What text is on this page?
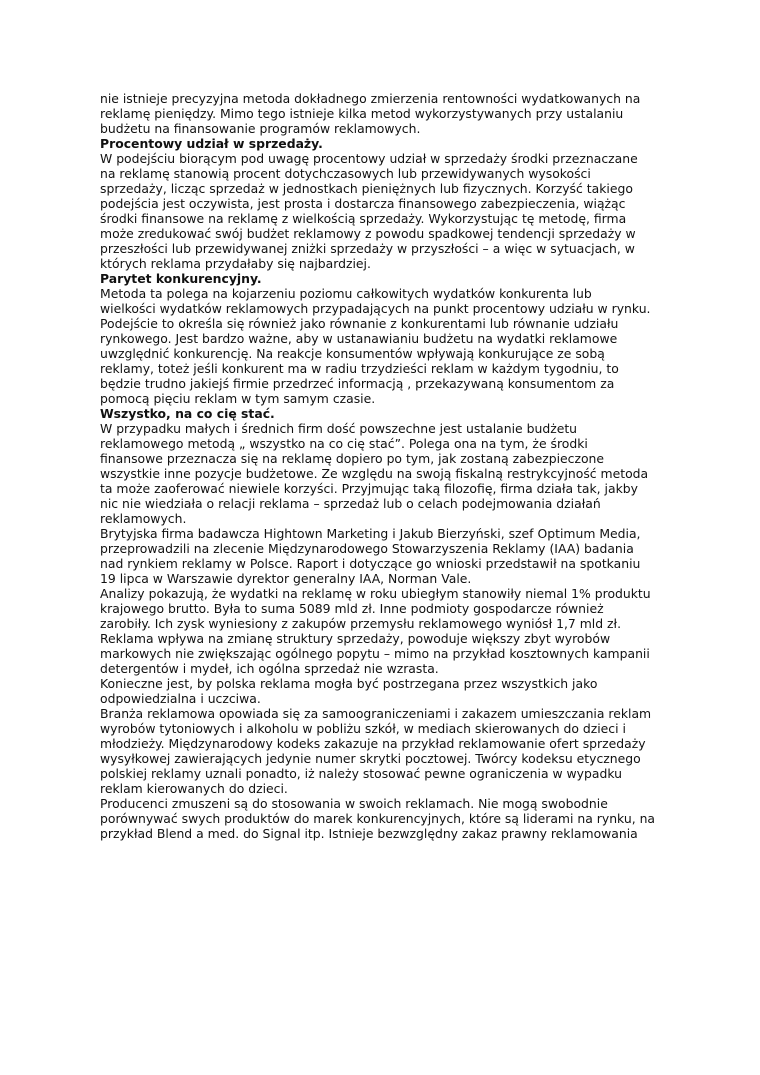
nie istnieje precyzyjna metoda dokładnego zmierzenia rentowności wydatkowanych na
reklamę pieniędzy. Mimo tego istnieje kilka metod wykorzystywanych przy ustalaniu
budżetu na finansowanie programów reklamowych.

Procentowy udział w sprzedaży.

W podejściu biorącym pod uwagę procentowy udział w sprzedaży środki przeznaczane
na reklamę stanowią procent dotychczasowych lub przewidywanych wysokości
sprzedaży, licząc sprzedaż w jednostkach pieniężnych lub fizycznych. Korzyść takiego
podejścia jest oczywista, jest prosta i dostarcza finansowego zabezpieczenia, wiążąc
środki finansowe na reklamę z wielkością sprzedaży. Wykorzystując tę metodę, firma
może zredukować swój budżet reklamowy z powodu spadkowej tendencji sprzedaży w
przeszłości lub przewidywanej zniżki sprzedaży w przyszłości – a więc w sytuacjach, w
których reklama przydałaby się najbardziej.

Parytet konkurencyjny.

Metoda ta polega na kojarzeniu poziomu całkowitych wydatków konkurenta lub
wielkości wydatków reklamowych przypadających na punkt procentowy udziału w rynku.
Podejście to określa się również jako równanie z konkurentami lub równanie udziału
rynkowego. Jest bardzo ważne, aby w ustanawianiu budżetu na wydatki reklamowe
uwzględnić konkurencję. Na reakcje konsumentów wpływają konkurujące ze sobą
reklamy, toteż jeśli konkurent ma w radiu trzydzieści reklam w każdym tygodniu, to
będzie trudno jakiejś firmie przedrzeć informacją , przekazywaną konsumentom za
pomocą pięciu reklam w tym samym czasie.

Wszystko, na co cię stać.

W przypadku małych i średnich firm dość powszechne jest ustalanie budżetu
reklamowego metodą „ wszystko na co cię stać”. Polega ona na tym, że środki
finansowe przeznacza się na reklamę dopiero po tym, jak zostaną zabezpieczone
wszystkie inne pozycje budżetowe. Ze względu na swoją fiskalną restrykcyjność metoda
ta może zaoferować niewiele korzyści. Przyjmując taką filozofię, firma działa tak, jakby
nic nie wiedziała o relacji reklama – sprzedaż lub o celach podejmowania działań
reklamowych.

Brytyjska firma badawcza Hightown Marketing i Jakub Bierzyński, szef Optimum Media,
przeprowadzili na zlecenie Międzynarodowego Stowarzyszenia Reklamy (IAA) badania
nad rynkiem reklamy w Polsce. Raport i dotyczące go wnioski przedstawił na spotkaniu
19 lipca w Warszawie dyrektor generalny IAA, Norman Vale.
Analizy pokazują, że wydatki na reklamę w roku ubiegłym stanowiły niemal 1% produktu
krajowego brutto. Była to suma 5089 mld zł. Inne podmioty gospodarcze również
zarobiły. Ich zysk wyniesiony z zakupów przemysłu reklamowego wyniósł 1,7 mld zł.

Reklama wpływa na zmianę struktury sprzedaży, powoduje większy zbyt wyrobów
markowych nie zwiększając ogólnego popytu – mimo na przykład kosztownych kampanii
detergentów i mydeł, ich ogólna sprzedaż nie wzrasta.
Konieczne jest, by polska reklama mogła być postrzegana przez wszystkich jako
odpowiedzialna i uczciwa.
Branża reklamowa opowiada się za samoograniczeniami i zakazem umieszczania reklam
wyrobów tytoniowych i alkoholu w pobliżu szkół, w mediach skierowanych do dzieci i
młodzieży. Międzynarodowy kodeks zakazuje na przykład reklamowanie ofert sprzedaży
wysyłkowej zawierających jedynie numer skrytki pocztowej. Twórcy kodeksu etycznego
polskiej reklamy uznali ponadto, iż należy stosować pewne ograniczenia w wypadku
reklam kierowanych do dzieci.
Producenci zmuszeni są do stosowania w swoich reklamach. Nie mogą swobodnie
porównywać swych produktów do marek konkurencyjnych, które są liderami na rynku, na
przykład Blend a med. do Signal itp. Istnieje bezwzględny zakaz prawny reklamowania
